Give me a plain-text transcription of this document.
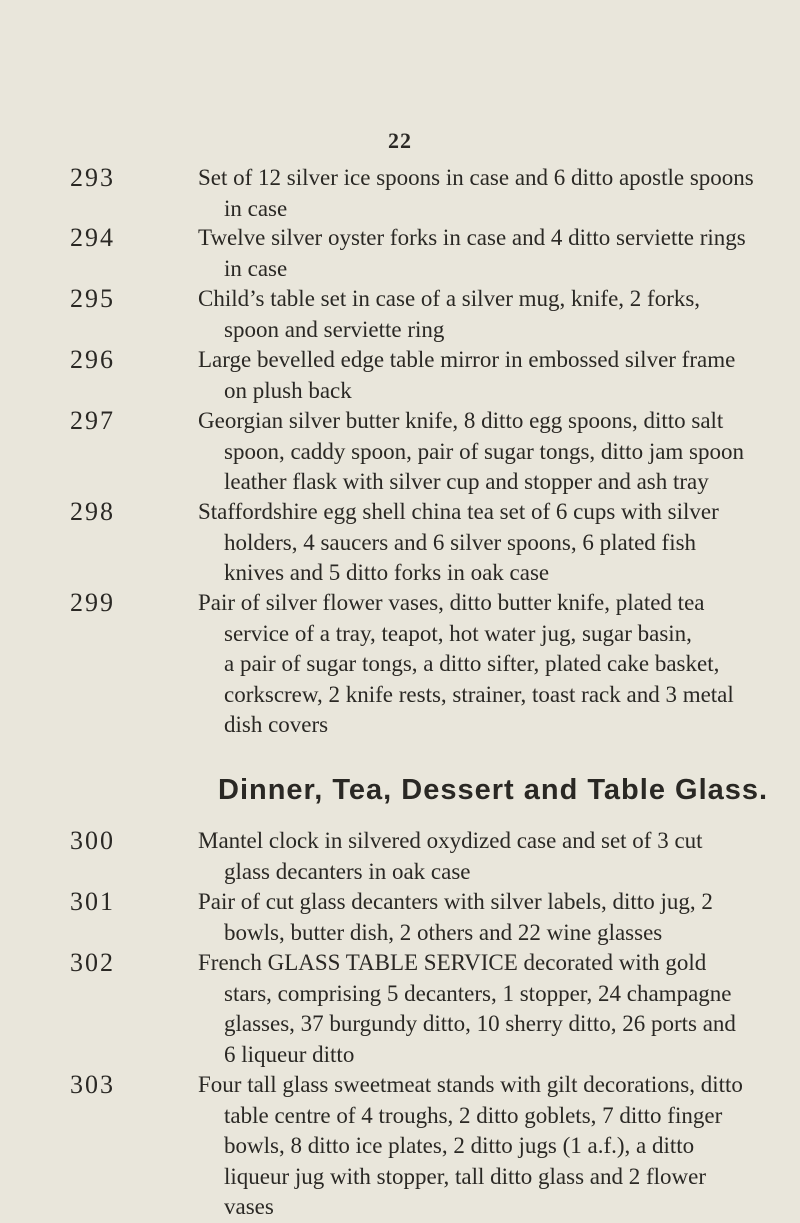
22
293	Set of 12 silver ice spoons in case and 6 ditto apostle spoons
in case
294	Twelve silver oyster forks in case and 4 ditto serviette rings
in case
295	Child’s table set in case of a silver mug, knife, 2 forks,
spoon and serviette ring
296	Large bevelled edge table mirror in embossed silver frame
on plush back
297	Georgian silver butter knife, 8 ditto egg spoons, ditto salt
spoon, caddy spoon, pair of sugar tongs, ditto jam spoon
leather flask with silver cup and stopper and ash tray
298	Staffordshire egg shell china tea set of 6 cups with silver
holders, 4 saucers and 6 silver spoons, 6 plated fish
knives and 5 ditto forks in oak case
299	Pair of silver flower vases, ditto butter knife, plated tea
service of a tray, teapot, hot water jug, sugar basin,
a pair of sugar tongs, a ditto sifter, plated cake basket,
corkscrew, 2 knife rests, strainer, toast rack and 3 metal
dish covers
Dinner, Tea, Dessert and Table Glass.
300	Mantel clock in silvered oxydized case and set of 3 cut
glass decanters in oak case
301	Pair of cut glass decanters with silver labels, ditto jug, 2
bowls, butter dish, 2 others and 22 wine glasses
302	French GLASS TABLE SERVICE decorated with gold
stars, comprising 5 decanters, 1 stopper, 24 champagne
glasses, 37 burgundy ditto, 10 sherry ditto, 26 ports and
6 liqueur ditto
303	Four tall glass sweetmeat stands with gilt decorations, ditto
table centre of 4 troughs, 2 ditto goblets, 7 ditto finger
bowls, 8 ditto ice plates, 2 ditto jugs (1 a.f.), a ditto
liqueur jug with stopper, tall ditto glass and 2 flower
vases
